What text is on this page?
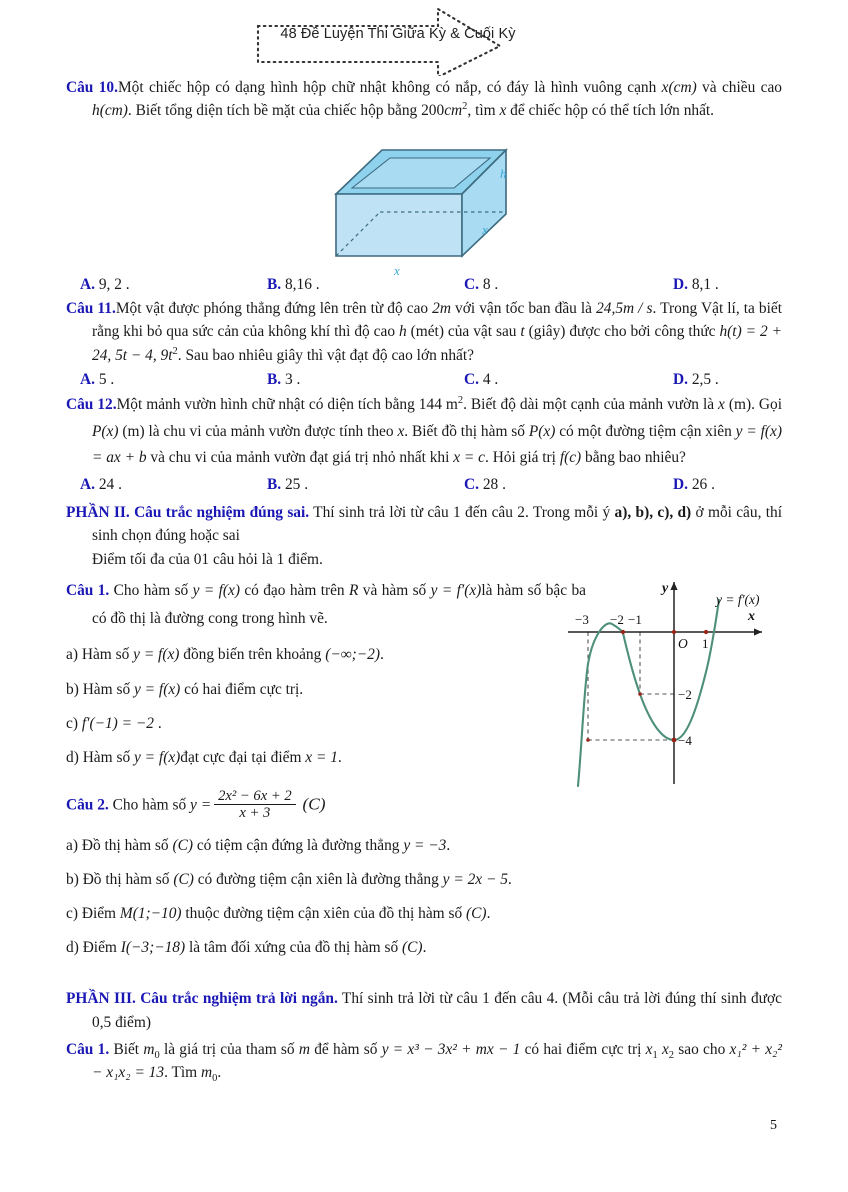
48 Đề Luyện Thi Giữa Kỳ & Cuối Kỳ
x
x
h
−3 −2 −1
1
O
−2
−4
x
y
y = f′(x)

Câu 10.Một chiếc hộp có dạng hình hộp chữ nhật không có nắp, có đáy là hình vuông cạnh x(cm) và chiều cao h(cm). Biết tổng diện tích bề mặt của chiếc hộp bằng $200cm^2$, tìm x để chiếc hộp có thể tích lớn nhất.

A. 9, 2 .	B. 8,16 .	C. 8 .	D. 8,1 .

Câu 11.Một vật được phóng thẳng đứng lên trên từ độ cao 2m với vận tốc ban đầu là 24,5m / s. Trong Vật lí, ta biết rằng khi bỏ qua sức cản của không khí thì độ cao h (mét) của vật sau t (giây) được cho bởi công thức h(t) = 2 + 24, 5t − 4, $9t^2$. Sau bao nhiêu giây thì vật đạt độ cao lớn nhất?

A. 5 .	B. 3 .	C. 4 .	D. 2,5 .

Câu 12.Một mảnh vườn hình chữ nhật có diện tích bằng 144 $m^2$. Biết độ dài một cạnh của mảnh vườn là x (m). Gọi P(x) (m) là chu vi của mảnh vườn được tính theo x. Biết đồ thị hàm số P(x) có một đường tiệm cận xiên y = f(x) = ax + b và chu vi của mảnh vườn đạt giá trị nhỏ nhất khi x = c. Hỏi giá trị f(c) bằng bao nhiêu?

A. 24 .	B. 25 .	C. 28 .	D. 26 .

PHẦN II. Câu trắc nghiệm đúng sai. Thí sinh trả lời từ câu 1 đến câu 2. Trong mỗi ý a), b), c), d) ở mỗi câu, thí sinh chọn đúng hoặc sai

Điểm tối đa của 01 câu hỏi là 1 điểm.

Câu 1. Cho hàm số y = f(x) có đạo hàm trên R và hàm số y = f′(x)là hàm số bậc ba có đồ thị là đường cong trong hình vẽ.

a) Hàm số y = f(x) đồng biến trên khoảng (−∞;−2).

b) Hàm số y = f(x) có hai điểm cực trị.

c) f′(−1) = −2 .

d) Hàm số y = f(x)đạt cực đại tại điểm x = 1.

Câu 2. Cho hàm số $y = \frac{\text{2x² − 6x + 2}}{x + 3} (C)$

a) Đồ thị hàm số (C) có tiệm cận đứng là đường thẳng y = −3.

b) Đồ thị hàm số (C) có đường tiệm cận xiên là đường thẳng y = 2x − 5.

c) Điểm M(1;−10) thuộc đường tiệm cận xiên của đồ thị hàm số (C).

d) Điểm I(−3;−18) là tâm đối xứng của đồ thị hàm số (C).

PHẦN III. Câu trắc nghiệm trả lời ngắn. Thí sinh trả lời từ câu 1 đến câu 4. (Mỗi câu trả lời đúng thí sinh được 0,5 điểm)

Câu 1. Biết $m_0$ là giá trị của tham số m để hàm số y = x³ − 3x² + mx − 1 có hai điểm cực trị $x_1$ $x_2$ sao cho x₁² + x₂² − x₁x₂ = 13. Tìm $m_0$.

5
